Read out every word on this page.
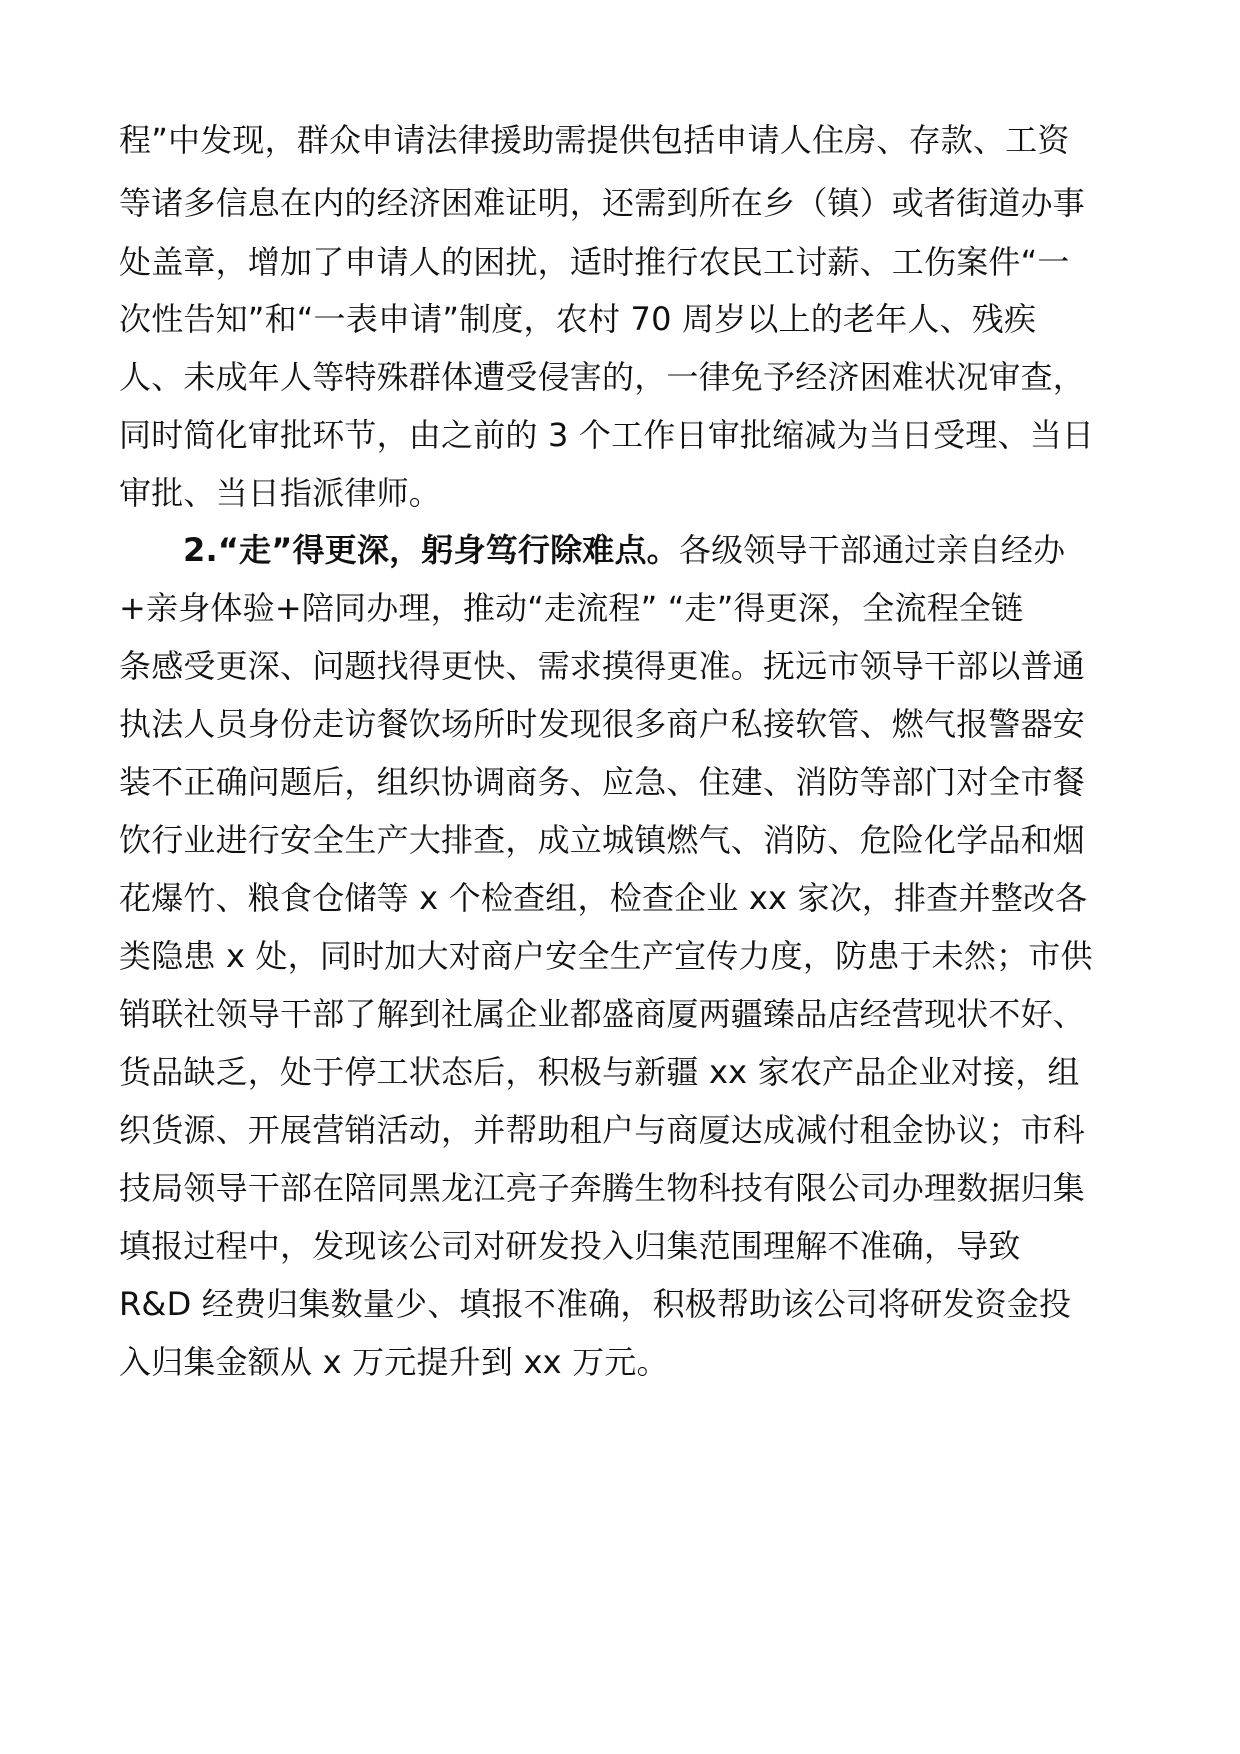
程”中发现，群众申请法律援助需提供包括申请人住房、存款、工资
等诸多信息在内的经济困难证明，还需到所在乡（镇）或者街道办事
处盖章，增加了申请人的困扰，适时推行农民工讨薪、工伤案件“一
次性告知”和“一表申请”制度，农村 70 周岁以上的老年人、残疾
人、未成年人等特殊群体遭受侵害的，一律免予经济困难状况审查，
同时简化审批环节，由之前的 3 个工作日审批缩减为当日受理、当日
审批、当日指派律师。
2.“走”得更深，躬身笃行除难点。各级领导干部通过亲自经办
+亲身体验+陪同办理，推动“走流程” “走”得更深，全流程全链
条感受更深、问题找得更快、需求摸得更准。抚远市领导干部以普通
执法人员身份走访餐饮场所时发现很多商户私接软管、燃气报警器安
装不正确问题后，组织协调商务、应急、住建、消防等部门对全市餐
饮行业进行安全生产大排查，成立城镇燃气、消防、危险化学品和烟
花爆竹、粮食仓储等 x 个检查组，检查企业 xx 家次，排查并整改各
类隐患 x 处，同时加大对商户安全生产宣传力度，防患于未然；市供
销联社领导干部了解到社属企业都盛商厦两疆臻品店经营现状不好、
货品缺乏，处于停工状态后，积极与新疆 xx 家农产品企业对接，组
织货源、开展营销活动，并帮助租户与商厦达成减付租金协议；市科
技局领导干部在陪同黑龙江亮子奔腾生物科技有限公司办理数据归集
填报过程中，发现该公司对研发投入归集范围理解不准确，导致
R&D 经费归集数量少、填报不准确，积极帮助该公司将研发资金投
入归集金额从 x 万元提升到 xx 万元。
